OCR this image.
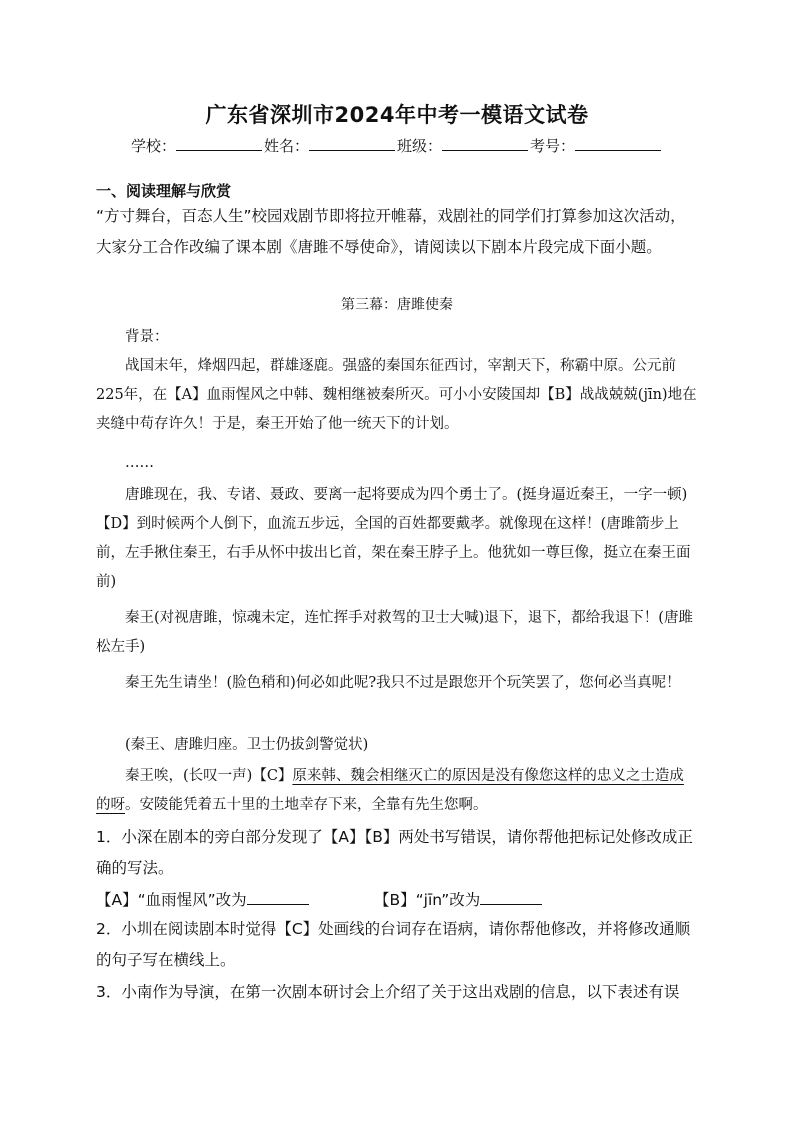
广东省深圳市2024年中考一模语文试卷
学校：	姓名：	班级：	考号：
一、阅读理解与欣赏
“方寸舞台，百态人生”校园戏剧节即将拉开帷幕，戏剧社的同学们打算参加这次活动，大家分工合作改编了课本剧《唐雎不辱使命》，请阅读以下剧本片段完成下面小题。
第三幕：唐雎使秦
背景：
战国末年，烽烟四起，群雄逐鹿。强盛的秦国东征西讨，宰割天下，称霸中原。公元前225年，在【A】血雨惺风之中韩、魏相继被秦所灭。可小小安陵国却【B】战战兢兢(jīn)地在夹缝中苟存许久！于是，秦王开始了他一统天下的计划。
……
唐雎现在，我、专诸、聂政、要离一起将要成为四个勇士了。(挺身逼近秦王，一字一顿)【D】到时候两个人倒下，血流五步远，全国的百姓都要戴孝。就像现在这样！(唐雎箭步上前，左手揪住秦王，右手从怀中拔出匕首，架在秦王脖子上。他犹如一尊巨像，挺立在秦王面前)
秦王(对视唐雎，惊魂未定，连忙挥手对救驾的卫士大喊)退下，退下，都给我退下！(唐雎松左手)
秦王先生请坐！(脸色稍和)何必如此呢?我只不过是跟您开个玩笑罢了，您何必当真呢！
(秦王、唐雎归座。卫士仍拔剑警觉状)
秦王唉，(长叹一声)【C】原来韩、魏会相继灭亡的原因是没有像您这样的忠义之士造成的呀。安陵能凭着五十里的土地幸存下来，全靠有先生您啊。
1．小深在剧本的旁白部分发现了【A】【B】两处书写错误，请你帮他把标记处修改成正确的写法。
【A】“血雨惺风”改为	【B】“jīn”改为
2．小圳在阅读剧本时觉得【C】处画线的台词存在语病，请你帮他修改，并将修改通顺的句子写在横线上。
3．小南作为导演，在第一次剧本研讨会上介绍了关于这出戏剧的信息，以下表述有误
